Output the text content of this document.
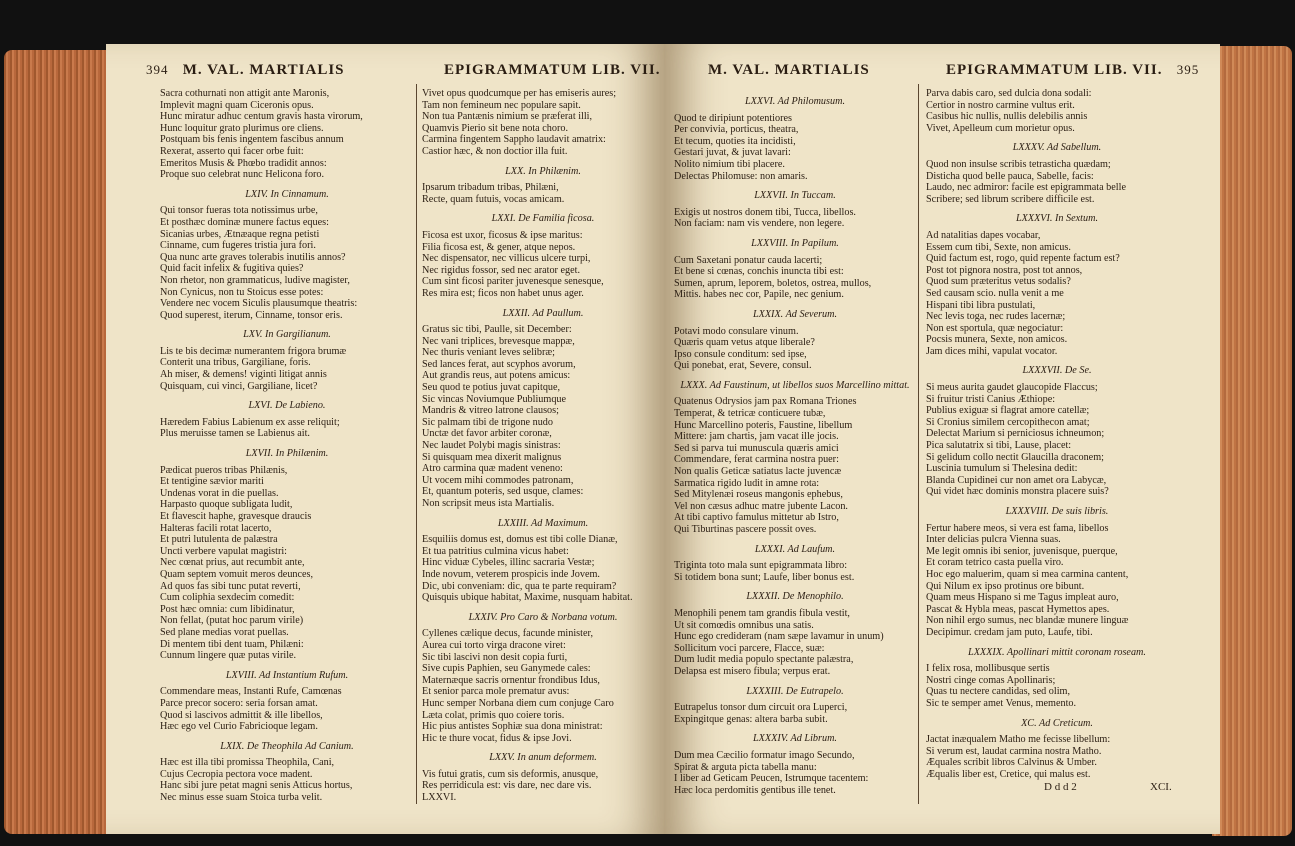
394 M. VAL. MARTIALIS	EPIGRAMMATUM LIB. VII.
Sacra cothurnati non attigit ante Maronis,
Implevit magni quam Ciceronis opus.
Hunc miratur adhuc centum gravis hasta virorum,
Hunc loquitur grato plurimus ore cliens.
Postquam bis fenis ingentem fascibus annum
Rexerat, asserto qui facer orbe fuit:
Emeritos Musis & Phœbo tradidit annos:
Proque suo celebrat nunc Helicona foro.
LXIV. In Cinnamum.
Qui tonsor fueras tota notissimus urbe,
Et posthæc dominæ munere factus eques:
Sicanias urbes, Ætnæaque regna petisti
Cinname, cum fugeres tristia jura fori.
Qua nunc arte graves tolerabis inutilis annos?
Quid facit infelix & fugitiva quies?
Non rhetor, non grammaticus, ludive magister,
Non Cynicus, non tu Stoicus esse potes:
Vendere nec vocem Siculis plausumque theatris:
Quod superest, iterum, Cinname, tonsor eris.
LXV. In Gargilianum.
Lis te bis decimæ numerantem frigora brumæ
Conterit una tribus, Gargiliane, foris.
Ah miser, & demens! viginti litigat annis
Quisquam, cui vinci, Gargiliane, licet?
LXVI. De Labieno.
Hæredem Fabius Labienum ex asse reliquit;
Plus meruisse tamen se Labienus ait.
LXVII. In Philænim.
Pædicat pueros tribas Philænis,
Et tentigine sævior mariti
Undenas vorat in die puellas.
Harpasto quoque subligata ludit,
Et flavescit haphe, gravesque draucis
Halteras facili rotat lacerto,
Et putri lutulenta de palæstra
Uncti verbere vapulat magistri:
Nec cœnat prius, aut recumbit ante,
Quam septem vomuit meros deunces,
Ad quos fas sibi tunc putat reverti,
Cum coliphia sexdecim comedit:
Post hæc omnia: cum libidinatur,
Non fellat, (putat hoc parum virile)
Sed plane medias vorat puellas.
Di mentem tibi dent tuam, Philæni:
Cunnum lingere quæ putas virile.
LXVIII. Ad Instantium Rufum.
Commendare meas, Instanti Rufe, Camœnas
Parce precor socero: seria forsan amat.
Quod si lascivos admittit & ille libellos,
Hæc ego vel Curio Fabricioque legam.
LXIX. De Theophila Ad Canium.
Hæc est illa tibi promissa Theophila, Cani,
Cujus Cecropia pectora voce madent.
Hanc sibi jure petat magni senis Atticus hortus,
Nec minus esse suam Stoica turba velit.
Vivet opus quodcumque per has emiseris aures;
Tam non femineum nec populare sapit.
Non tua Pantænis nimium se præferat illi,
Quamvis Pierio sit bene nota choro.
Carmina fingentem Sappho laudavit amatrix:
Castior hæc, & non doctior illa fuit.
LXX. In Philænim.
Ipsarum tribadum tribas, Philæni,
Recte, quam futuis, vocas amicam.
LXXI. De Familia ficosa.
Ficosa est uxor, ficosus & ipse maritus:
Filia ficosa est, & gener, atque nepos.
Nec dispensator, nec villicus ulcere turpi,
Nec rigidus fossor, sed nec arator eget.
Cum sint ficosi pariter juvenesque senesque,
Res mira est; ficos non habet unus ager.
LXXII. Ad Paullum.
Gratus sic tibi, Paulle, sit December:
Nec vani triplices, brevesque mappæ,
Nec thuris veniant leves selibræ;
Sed lances ferat, aut scyphos avorum,
Aut grandis reus, aut potens amicus:
Seu quod te potius juvat capitque,
Sic vincas Noviumque Publiumque
Mandris & vitreo latrone clausos;
Sic palmam tibi de trigone nudo
Unctæ det favor arbiter coronæ,
Nec laudet Polybi magis sinistras:
Si quisquam mea dixerit malignus
Atro carmina quæ madent veneno:
Ut vocem mihi commodes patronam,
Et, quantum poteris, sed usque, clames:
Non scripsit meus ista Martialis.
LXXIII. Ad Maximum.
Esquiliis domus est, domus est tibi colle Dianæ,
Et tua patritius culmina vicus habet:
Hinc viduæ Cybeles, illinc sacraria Vestæ;
Inde novum, veterem prospicis inde Jovem.
Dic, ubi conveniam: dic, qua te parte requiram?
Quisquis ubique habitat, Maxime, nusquam habitat.
LXXIV. Pro Caro & Norbana votum.
Cyllenes cælique decus, facunde minister,
Aurea cui torto virga dracone viret:
Sic tibi lascivi non desit copia furti,
Sive cupis Paphien, seu Ganymede cales:
Maternæque sacris ornentur frondibus Idus,
Et senior parca mole prematur avus:
Hunc semper Norbana diem cum conjuge Caro
Læta colat, primis quo coiere toris.
Hic pius antistes Sophiæ sua dona ministrat:
Hic te thure vocat, fidus & ipse Jovi.
LXXV. In anum deformem.
Vis futui gratis, cum sis deformis, anusque,
Res perridicula est: vis dare, nec dare vis.
LXXVI.
M. VAL. MARTIALIS	EPIGRAMMATUM LIB. VII. 395
LXXVI. Ad Philomusum.
Quod te diripiunt potentiores
Per convivia, porticus, theatra,
Et tecum, quoties ita incidisti,
Gestari juvat, & juvat lavari:
Nolito nimium tibi placere.
Delectas Philomuse: non amaris.
LXXVII. In Tuccam.
Exigis ut nostros donem tibi, Tucca, libellos.
Non faciam: nam vis vendere, non legere.
LXXVIII. In Papilum.
Cum Saxetani ponatur cauda lacerti;
Et bene si cœnas, conchis inuncta tibi est:
Sumen, aprum, leporem, boletos, ostrea, mullos,
Mittis. habes nec cor, Papile, nec genium.
LXXIX. Ad Severum.
Potavi modo consulare vinum.
Quæris quam vetus atque liberale?
Ipso consule conditum: sed ipse,
Qui ponebat, erat, Severe, consul.
LXXX. Ad Faustinum, ut libellos suos Marcellino mittat.
Quatenus Odrysios jam pax Romana Triones
Temperat, & tetricæ conticuere tubæ,
Hunc Marcellino poteris, Faustine, libellum
Mittere: jam chartis, jam vacat ille jocis.
Sed si parva tui munuscula quæris amici
Commendare, ferat carmina nostra puer:
Non qualis Geticæ satiatus lacte juvencæ
Sarmatica rigido ludit in amne rota:
Sed Mitylenæi roseus mangonis ephebus,
Vel non cæsus adhuc matre jubente Lacon.
At tibi captivo famulus mittetur ab Istro,
Qui Tiburtinas pascere possit oves.
LXXXI. Ad Laufum.
Triginta toto mala sunt epigrammata libro:
Si totidem bona sunt; Laufe, liber bonus est.
LXXXII. De Menophilo.
Menophili penem tam grandis fibula vestit,
Ut sit comœdis omnibus una satis.
Hunc ego credideram (nam sæpe lavamur in unum)
Sollicitum voci parcere, Flacce, suæ:
Dum ludit media populo spectante palæstra,
Delapsa est misero fibula; verpus erat.
LXXXIII. De Eutrapelo.
Eutrapelus tonsor dum circuit ora Luperci,
Expingitque genas: altera barba subit.
LXXXIV. Ad Librum.
Dum mea Cæcilio formatur imago Secundo,
Spirat & arguta picta tabella manu:
I liber ad Geticam Peucen, Istrumque tacentem:
Hæc loca perdomitis gentibus ille tenet.
Parva dabis caro, sed dulcia dona sodali:
Certior in nostro carmine vultus erit.
Casibus hic nullis, nullis delebilis annis
Vivet, Apelleum cum morietur opus.
LXXXV. Ad Sabellum.
Quod non insulse scribis tetrasticha quædam;
Disticha quod belle pauca, Sabelle, facis:
Laudo, nec admiror: facile est epigrammata belle
Scribere; sed librum scribere difficile est.
LXXXVI. In Sextum.
Ad natalitias dapes vocabar,
Essem cum tibi, Sexte, non amicus.
Quid factum est, rogo, quid repente factum est?
Post tot pignora nostra, post tot annos,
Quod sum præteritus vetus sodalis?
Sed causam scio. nulla venit a me
Hispani tibi libra pustulati,
Nec levis toga, nec rudes lacernæ;
Non est sportula, quæ negociatur:
Pocsis munera, Sexte, non amicos.
Jam dices mihi, vapulat vocator.
LXXXVII. De Se.
Si meus aurita gaudet glaucopide Flaccus;
Si fruitur tristi Canius Æthiope:
Publius exiguæ si flagrat amore catellæ;
Si Cronius similem cercopithecon amat;
Delectat Marium si perniciosus ichneumon;
Pica salutatrix si tibi, Lause, placet:
Si gelidum collo nectit Glaucilla draconem;
Luscinia tumulum si Thelesina dedit:
Blanda Cupidinei cur non amet ora Labycæ,
Qui videt hæc dominis monstra placere suis?
LXXXVIII. De suis libris.
Fertur habere meos, si vera est fama, libellos
Inter delicias pulcra Vienna suas.
Me legit omnis ibi senior, juvenisque, puerque,
Et coram tetrico casta puella viro.
Hoc ego maluerim, quam si mea carmina cantent,
Qui Nilum ex ipso protinus ore bibunt.
Quam meus Hispano si me Tagus impleat auro,
Pascat & Hybla meas, pascat Hymettos apes.
Non nihil ergo sumus, nec blandæ munere linguæ
Decipimur. credam jam puto, Laufe, tibi.
LXXXIX. Apollinari mittit coronam roseam.
I felix rosa, mollibusque sertis
Nostri cinge comas Apollinaris;
Quas tu nectere candidas, sed olim,
Sic te semper amet Venus, memento.
XC. Ad Creticum.
Jactat inæqualem Matho me fecisse libellum:
Si verum est, laudat carmina nostra Matho.
Æquales scribit libros Calvinus & Umber.
Æqualis liber est, Cretice, qui malus est.
D d d 2	XCI.
